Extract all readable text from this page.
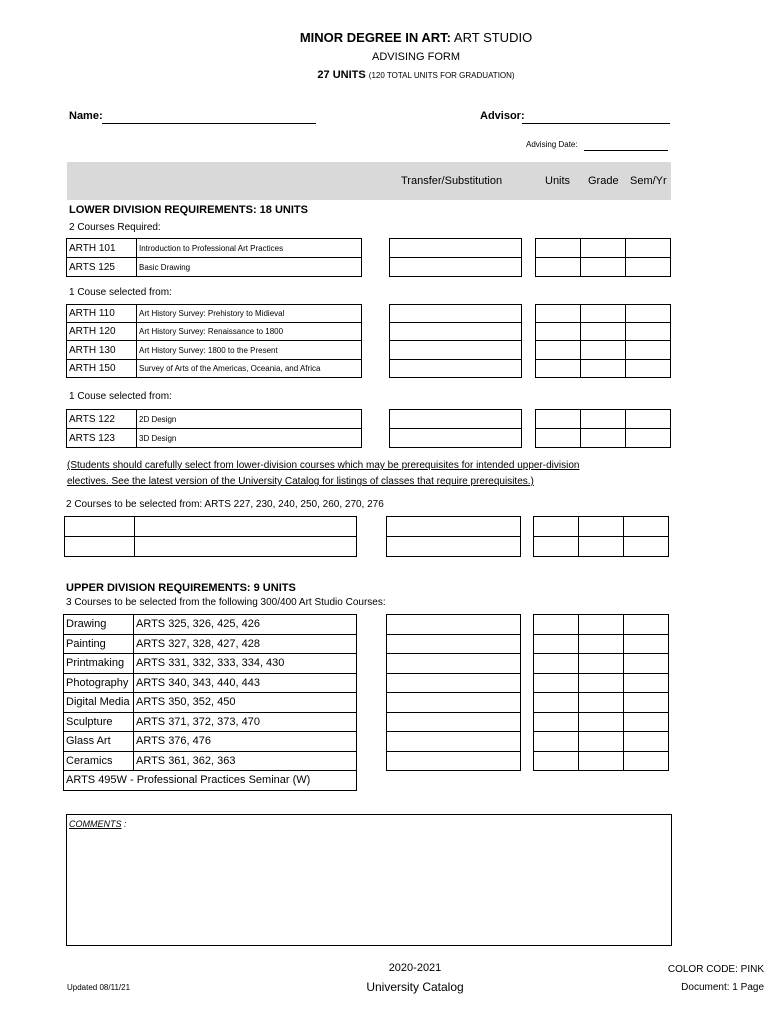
MINOR DEGREE IN ART: ART STUDIO
ADVISING FORM
27 UNITS (120 TOTAL UNITS FOR GRADUATION)
Name:	Advisor:
Advising Date:
Transfer/Substitution	Units Grade Sem/Yr
LOWER DIVISION REQUIREMENTS: 18 UNITS
2 Courses Required:
ARTH 101	Introduction to Professional Art Practices
ARTS 125	Basic Drawing

1 Couse selected from:
ARTH 110	Art History Survey: Prehistory to Midieval
ARTH 120	Art History Survey: Renaissance to 1800
ARTH 130	Art History Survey: 1800 to the Present
ARTH 150	Survey of Arts of the Americas, Oceania, and Africa

1 Couse selected from:
ARTS 122	2D Design
ARTS 123	3D Design

(Students should carefully select from lower-division courses which may be prerequisites for intended upper-division
electives. See the latest version of the University Catalog for listings of classes that require prerequisites.)
2 Courses to be selected from: ARTS 227, 230, 240, 250, 260, 270, 276

UPPER DIVISION REQUIREMENTS: 9 UNITS
3 Courses to be selected from the following 300/400 Art Studio Courses:
Drawing	ARTS 325, 326, 425, 426
Painting	ARTS 327, 328, 427, 428
Printmaking	ARTS 331, 332, 333, 334, 430
Photography	ARTS 340, 343, 440, 443
Digital Media	ARTS 350, 352, 450
Sculpture	ARTS 371, 372, 373, 470
Glass Art	ARTS 376, 476
Ceramics	ARTS 361, 362, 363
ARTS 495W - Professional Practices Seminar (W)	

COMMENTS :
Updated 08/11/21
2020-2021
University Catalog
COLOR CODE: PINK
Document: 1 Page
